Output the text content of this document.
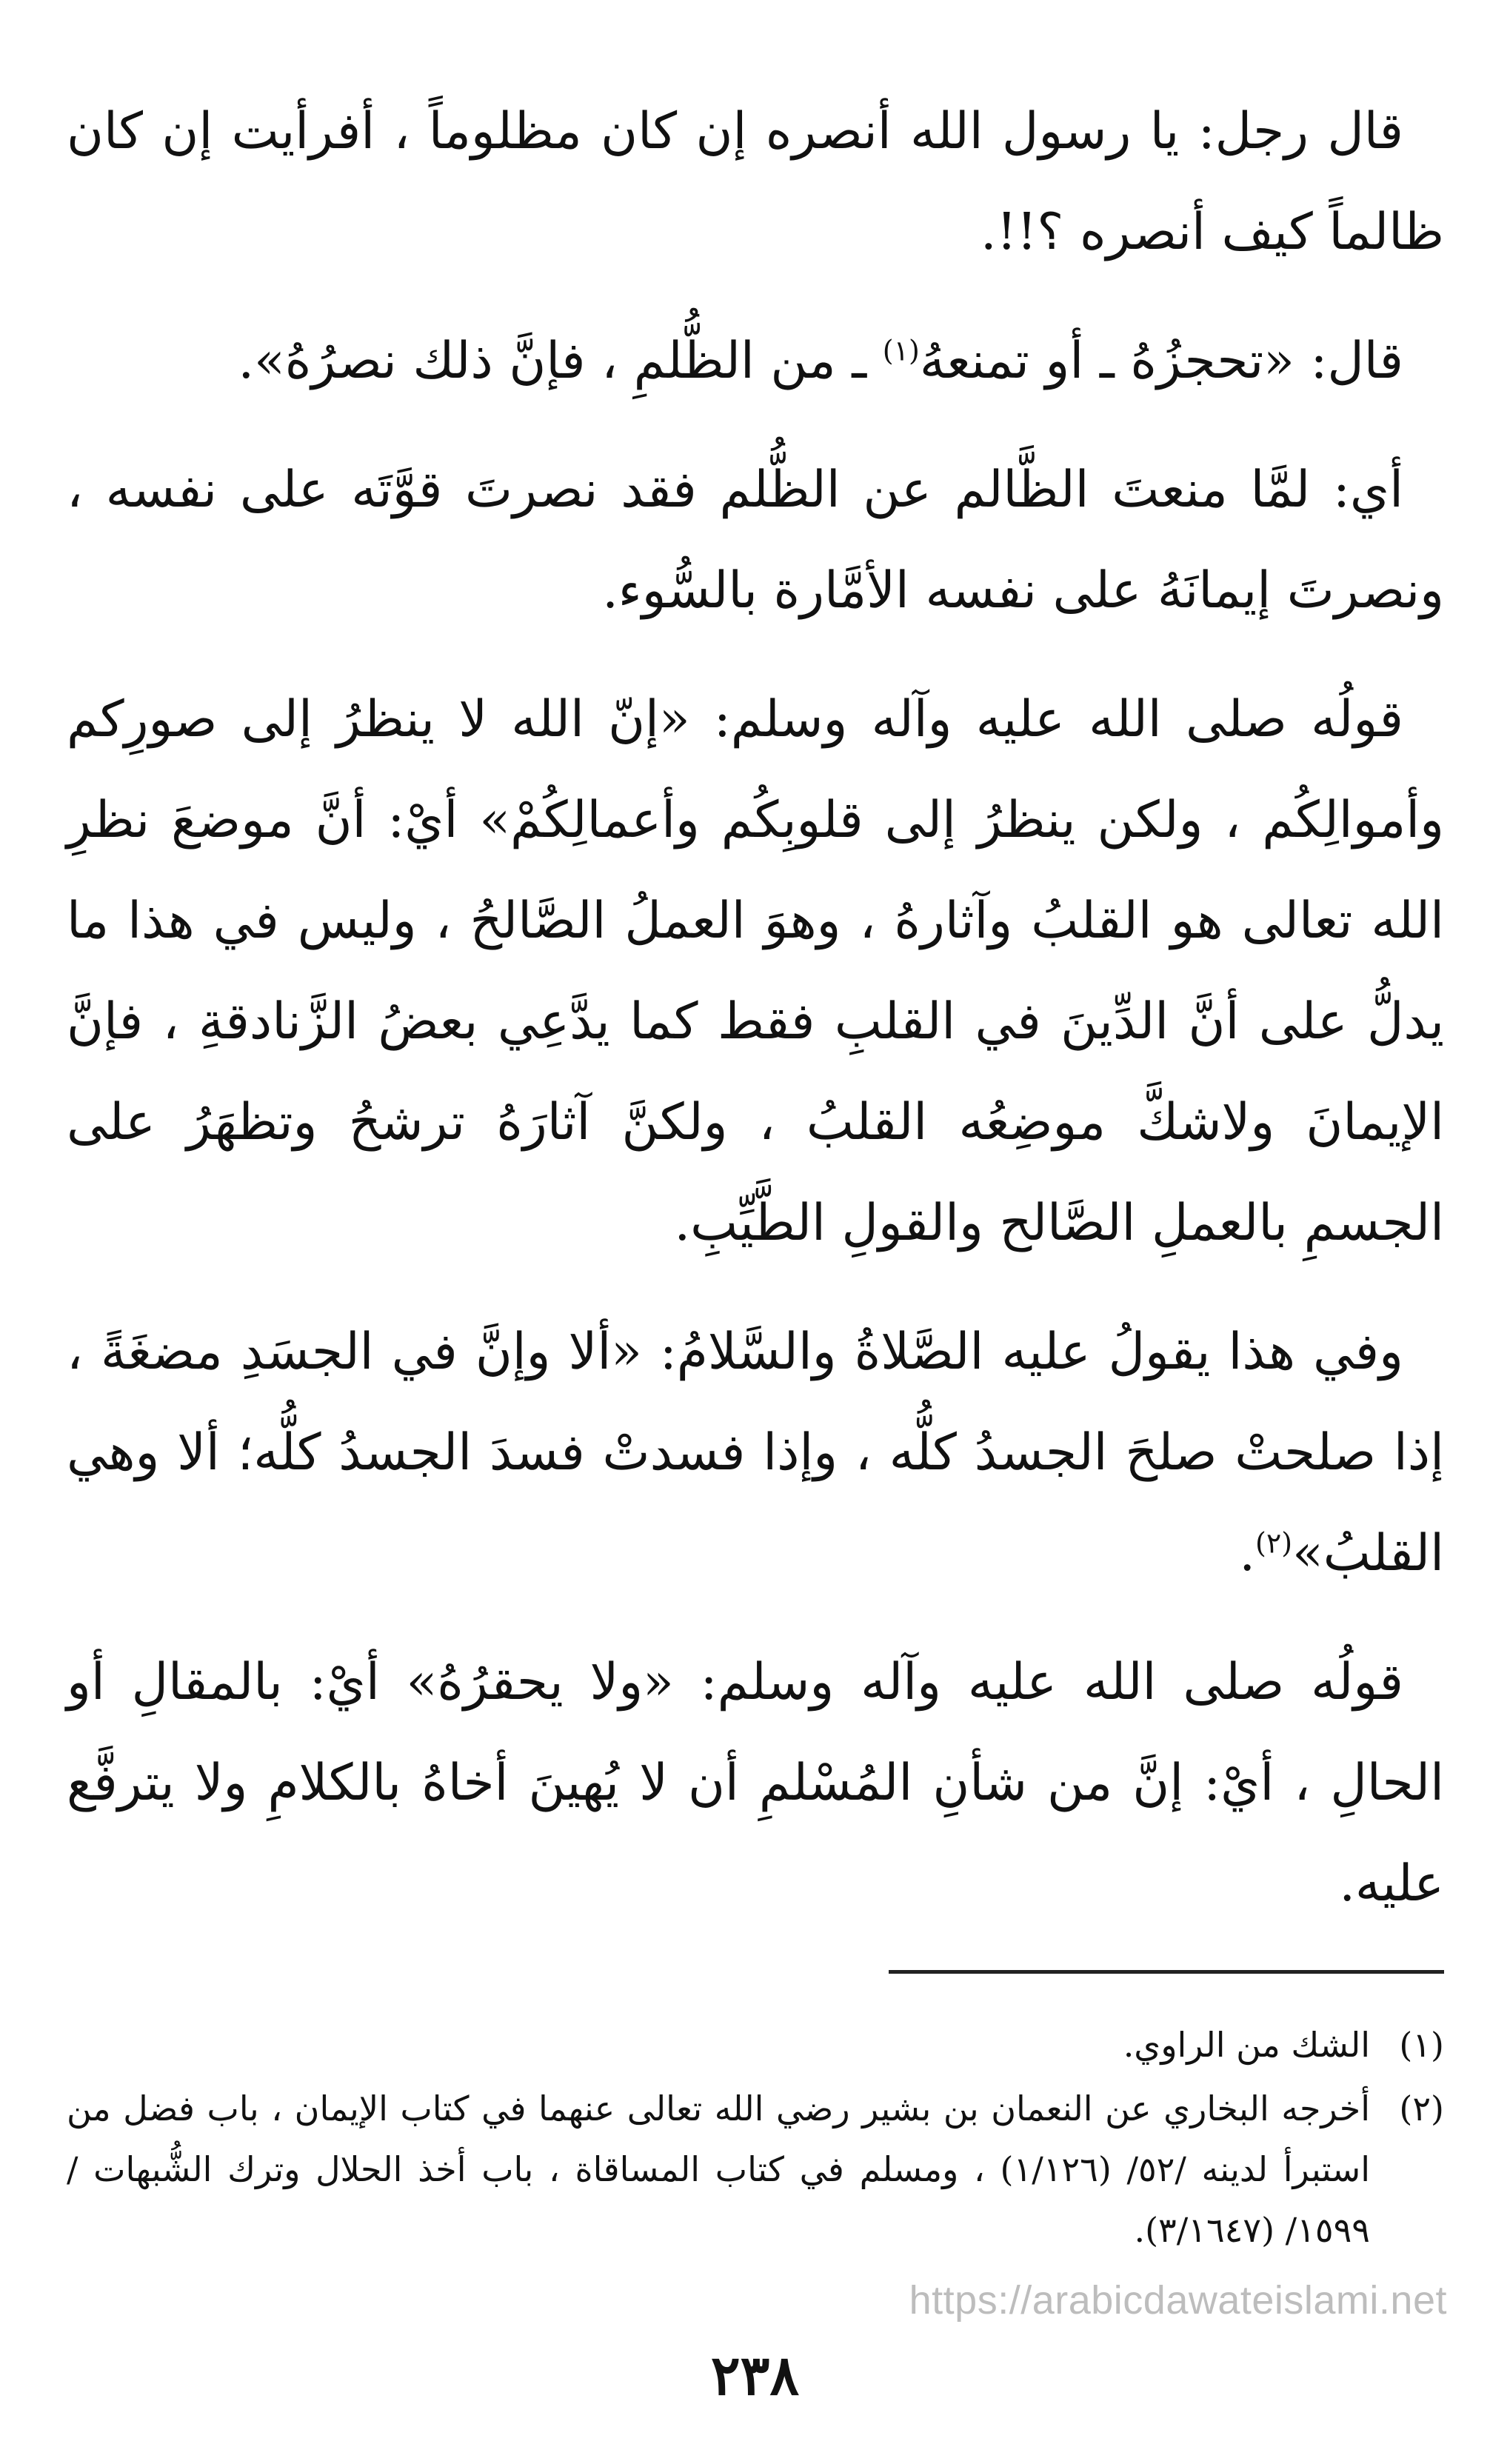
قال رجل: يا رسول الله أنصره إن كان مظلوماً ، أفرأيت إن كان ظالماً كيف أنصره ؟!!.

قال: «تحجزُهُ ـ أو تمنعهُ$^{(١)}$ ـ من الظُّلمِ ، فإنَّ ذلك نصرُهُ».

أي: لمَّا منعتَ الظَّالم عن الظُّلم فقد نصرتَ قوَّتَه على نفسه ، ونصرتَ إيمانَهُ على نفسه الأمَّارة بالسُّوء.

قولُه صلى الله عليه وآله وسلم: «إنّ الله لا ينظرُ إلى صورِكم وأموالِكُم ، ولكن ينظرُ إلى قلوبِكُم وأعمالِكُمْ» أيْ: أنَّ موضعَ نظرِ الله تعالى هو القلبُ وآثارهُ ، وهوَ العملُ الصَّالحُ ، وليس في هذا ما يدلُّ على أنَّ الدِّينَ في القلبِ فقط كما يدَّعِي بعضُ الزَّنادقةِ ، فإنَّ الإيمانَ ولاشكَّ موضِعُه القلبُ ، ولكنَّ آثارَهُ ترشحُ وتظهَرُ على الجسمِ بالعملِ الصَّالح والقولِ الطَّيِّبِ.

وفي هذا يقولُ عليه الصَّلاةُ والسَّلامُ: «ألا وإنَّ في الجسَدِ مضغَةً ، إذا صلحتْ صلحَ الجسدُ كلُّه ، وإذا فسدتْ فسدَ الجسدُ كلُّه؛ ألا وهي القلبُ»$^{(٢)}$.

قولُه صلى الله عليه وآله وسلم: «ولا يحقرُهُ» أيْ: بالمقالِ أو الحالِ ، أيْ: إنَّ من شأنِ المُسْلمِ أن لا يُهينَ أخاهُ بالكلامِ ولا يترفَّع عليه.

(١)
الشك من الراوي.
(٢)
أخرجه البخاري عن النعمان بن بشير رضي الله تعالى عنهما في كتاب الإيمان ، باب فضل من استبرأ لدينه /٥٢/ (١/١٢٦) ، ومسلم في كتاب المساقاة ، باب أخذ الحلال وترك الشُّبهات /١٥٩٩/ (٣/١٦٤٧).
https://arabicdawateislami.net
٢٣٨
